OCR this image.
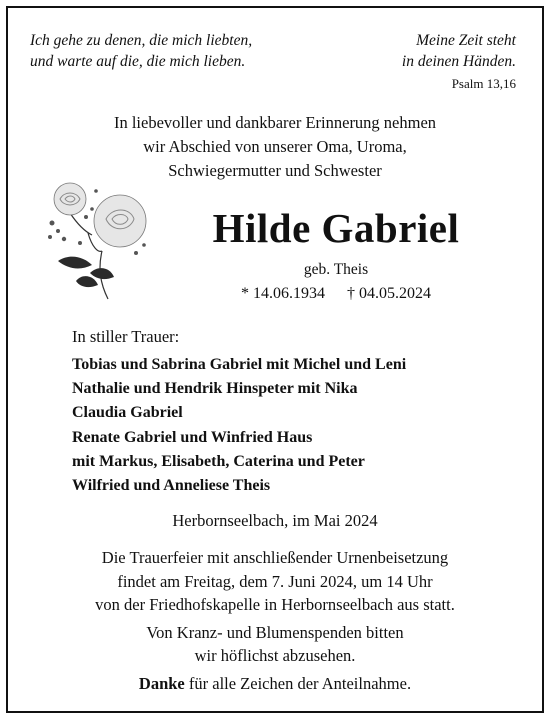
Ich gehe zu denen, die mich liebten,
und warte auf die, die mich lieben.
Meine Zeit steht
in deinen Händen.
Psalm 13,16
In liebevoller und dankbarer Erinnerung nehmen
wir Abschied von unserer Oma, Uroma,
Schwiegermutter und Schwester
Hilde Gabriel
geb. Theis
* 14.06.1934 † 04.05.2024
In stiller Trauer:
Tobias und Sabrina Gabriel mit Michel und Leni
Nathalie und Hendrik Hinspeter mit Nika
Claudia Gabriel
Renate Gabriel und Winfried Haus
mit Markus, Elisabeth, Caterina und Peter
Wilfried und Anneliese Theis
Herbornseelbach, im Mai 2024
Die Trauerfeier mit anschließender Urnenbeisetzung
findet am Freitag, dem 7. Juni 2024, um 14 Uhr
von der Friedhofskapelle in Herbornseelbach aus statt.
Von Kranz- und Blumenspenden bitten
wir höflichst abzusehen.
Danke für alle Zeichen der Anteilnahme.
